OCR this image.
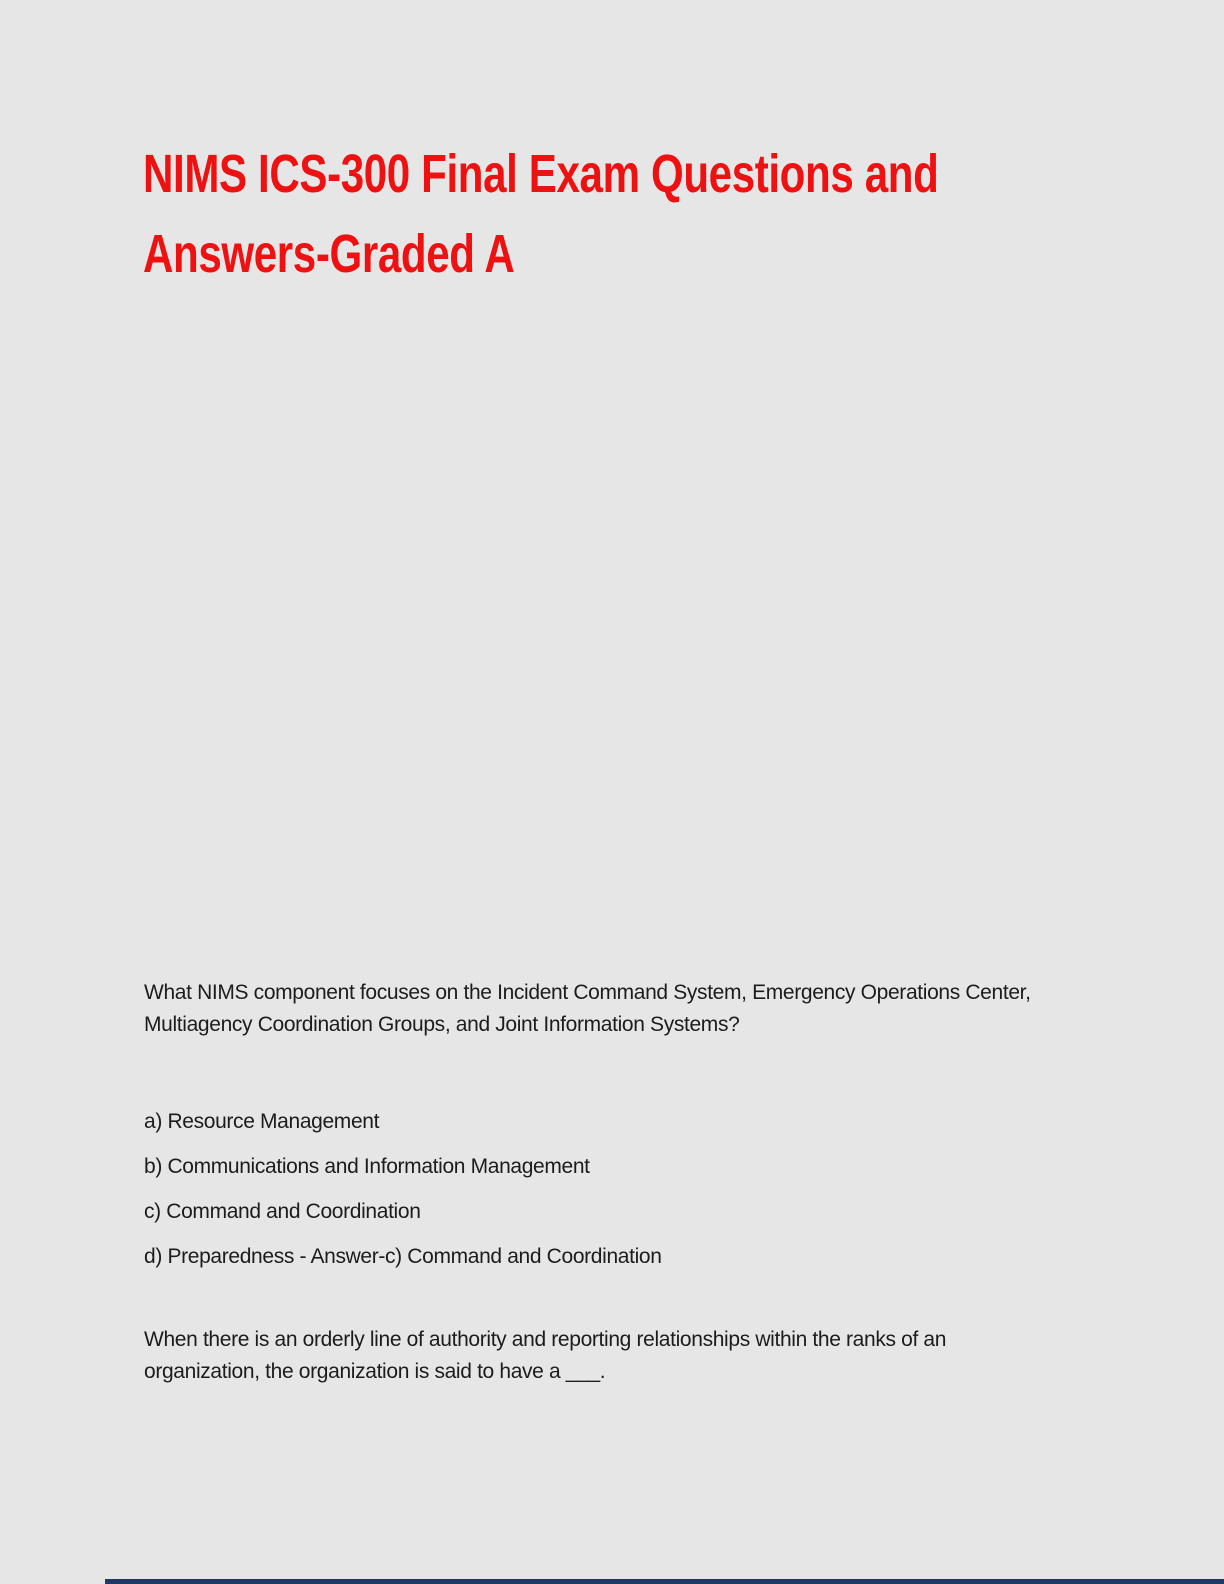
NIMS ICS-300 Final Exam Questions and
Answers-Graded A
What NIMS component focuses on the Incident Command System, Emergency Operations Center,
Multiagency Coordination Groups, and Joint Information Systems?
a) Resource Management
b) Communications and Information Management
c) Command and Coordination
d) Preparedness - Answer-c) Command and Coordination
When there is an orderly line of authority and reporting relationships within the ranks of an
organization, the organization is said to have a ___.
